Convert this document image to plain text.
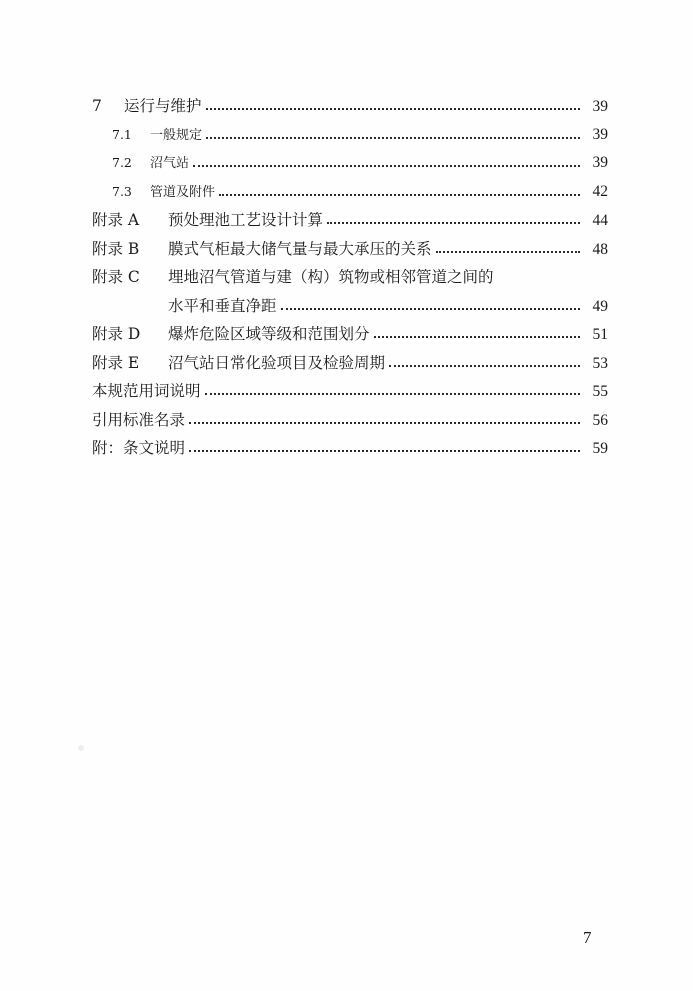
7	运行与维护	39
7.1	一般规定	39
7.2	沼气站	39
7.3	管道及附件	42
附录 A	预处理池工艺设计计算	44
附录 B	膜式气柜最大储气量与最大承压的关系	48
附录 C	埋地沼气管道与建（构）筑物或相邻管道之间的
水平和垂直净距	49
附录 D	爆炸危险区域等级和范围划分	51
附录 E	沼气站日常化验项目及检验周期	53
本规范用词说明	55
引用标准名录	56
附：条文说明	59
7
